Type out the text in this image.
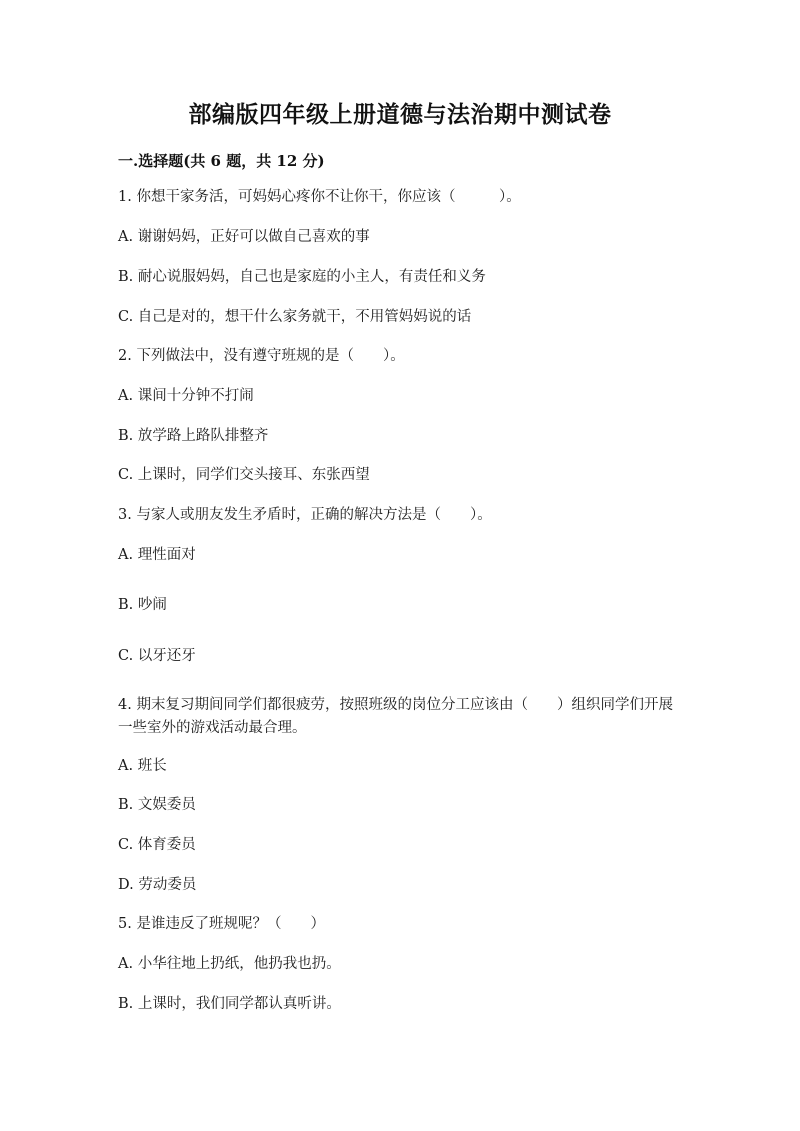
部编版四年级上册道德与法治期中测试卷
一.选择题(共 6 题，共 12 分)
1. 你想干家务活，可妈妈心疼你不让你干，你应该（　　　）。
A. 谢谢妈妈，正好可以做自己喜欢的事
B. 耐心说服妈妈，自己也是家庭的小主人，有责任和义务
C. 自己是对的，想干什么家务就干，不用管妈妈说的话
2. 下列做法中，没有遵守班规的是（　　）。
A. 课间十分钟不打闹
B. 放学路上路队排整齐
C. 上课时，同学们交头接耳、东张西望
3. 与家人或朋友发生矛盾时，正确的解决方法是（　　）。
A. 理性面对
B. 吵闹
C. 以牙还牙
4. 期末复习期间同学们都很疲劳，按照班级的岗位分工应该由（　　）组织同学们开展一些室外的游戏活动最合理。
A. 班长
B. 文娱委员
C. 体育委员
D. 劳动委员
5. 是谁违反了班规呢？（　　）
A. 小华往地上扔纸，他扔我也扔。
B. 上课时，我们同学都认真听讲。
